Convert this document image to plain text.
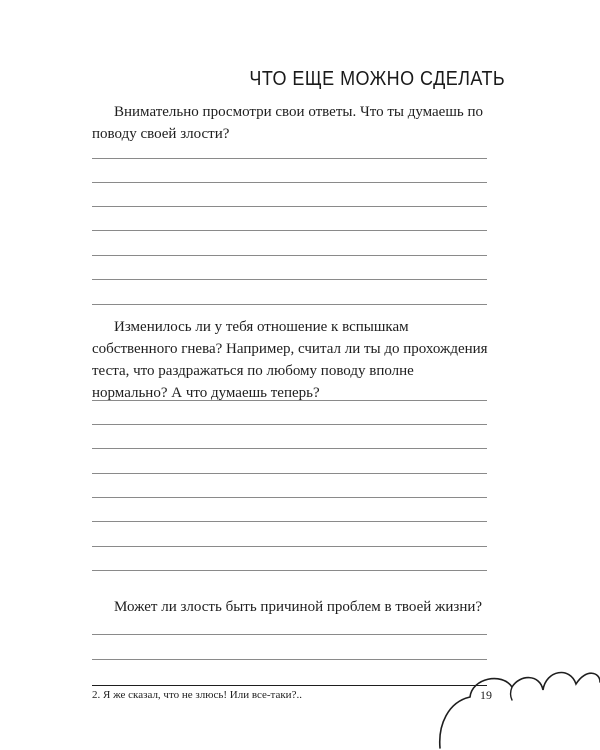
ЧТО ЕЩЕ МОЖНО СДЕЛАТЬ

Внимательно просмотри свои ответы. Что ты думаешь по поводу своей злости?

Изменилось ли у тебя отношение к вспышкам собственного гнева? Например, считал ли ты до прохождения теста, что раздражаться по любому поводу вполне нормально? А что думаешь теперь?

Может ли злость быть причиной проблем в твоей жизни?

2. Я же сказал, что не злюсь! Или все-таки?..	19
